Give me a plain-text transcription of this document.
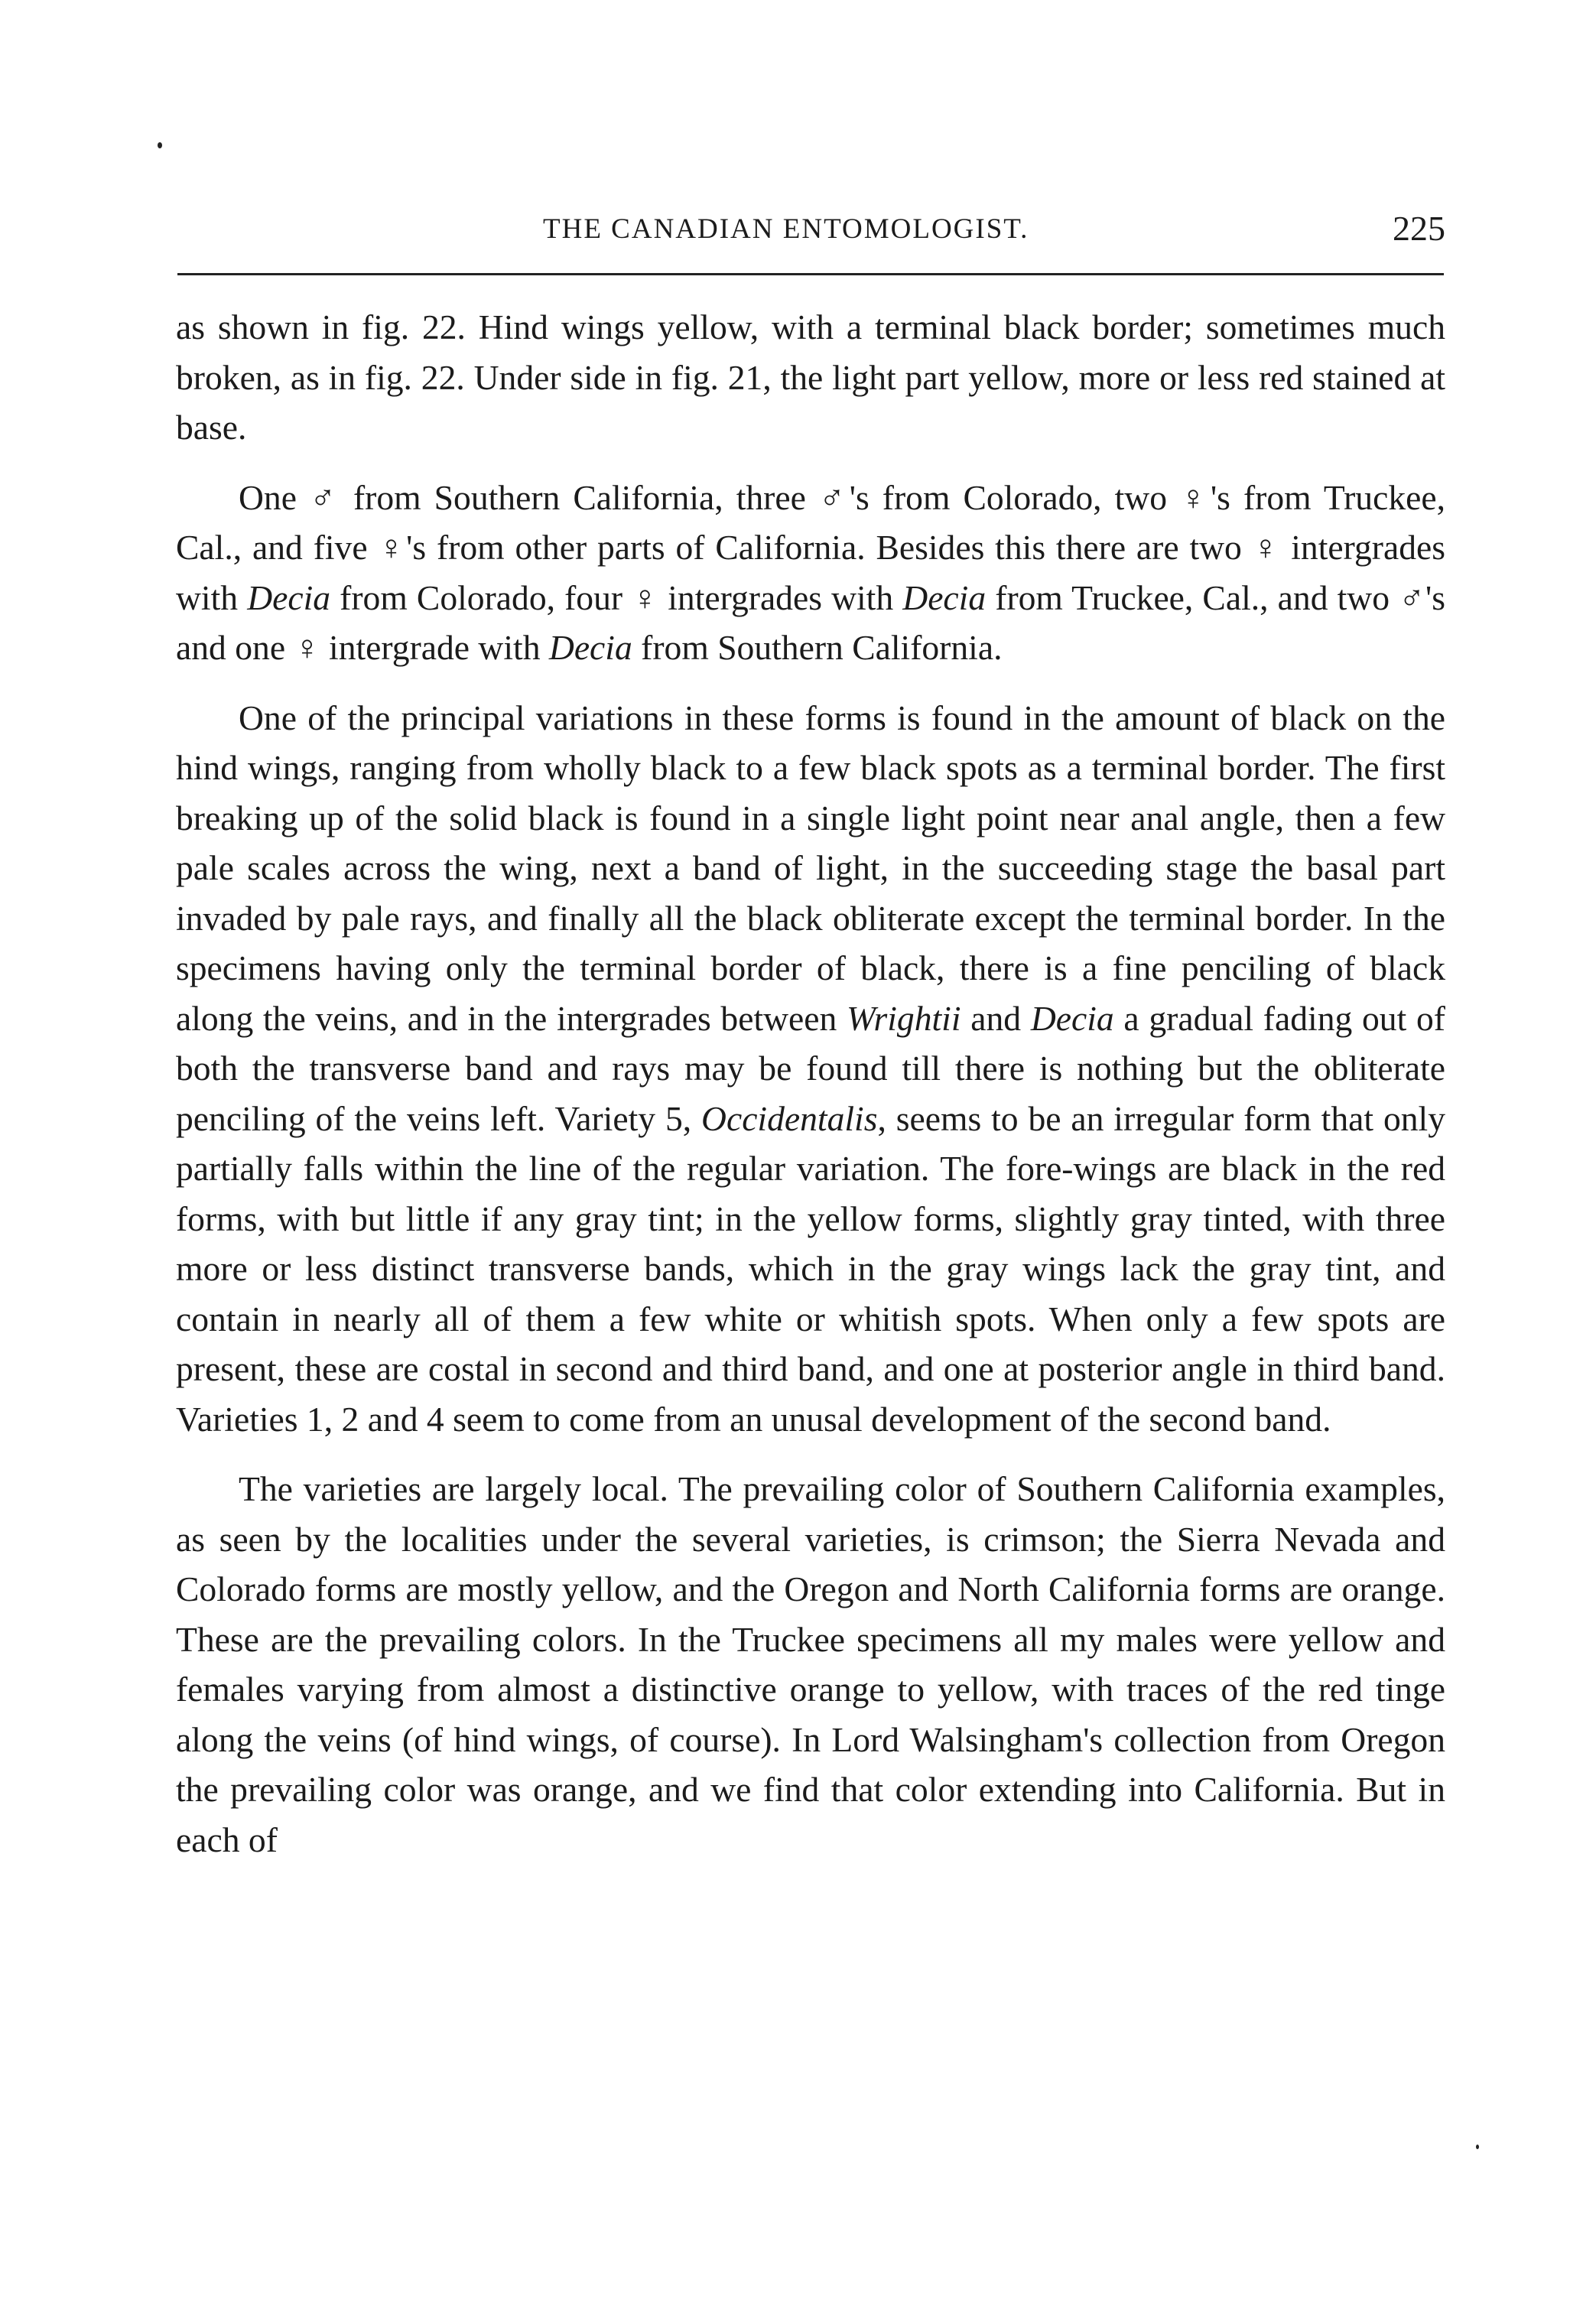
THE CANADIAN ENTOMOLOGIST.	225

as shown in fig. 22. Hind wings yellow, with a terminal black border; sometimes much broken, as in fig. 22. Under side in fig. 21, the light part yellow, more or less red stained at base.

One ♂ from Southern California, three ♂'s from Colorado, two ♀'s from Truckee, Cal., and five ♀'s from other parts of California. Besides this there are two ♀ intergrades with Decia from Colorado, four ♀ intergrades with Decia from Truckee, Cal., and two ♂'s and one ♀ intergrade with Decia from Southern California.

One of the principal variations in these forms is found in the amount of black on the hind wings, ranging from wholly black to a few black spots as a terminal border. The first breaking up of the solid black is found in a single light point near anal angle, then a few pale scales across the wing, next a band of light, in the succeeding stage the basal part invaded by pale rays, and finally all the black obliterate except the terminal border. In the specimens having only the terminal border of black, there is a fine penciling of black along the veins, and in the intergrades between Wrightii and Decia a gradual fading out of both the transverse band and rays may be found till there is nothing but the obliterate penciling of the veins left. Variety 5, Occidentalis, seems to be an irregular form that only partially falls within the line of the regular variation. The fore-wings are black in the red forms, with but little if any gray tint; in the yellow forms, slightly gray tinted, with three more or less distinct transverse bands, which in the gray wings lack the gray tint, and contain in nearly all of them a few white or whitish spots. When only a few spots are present, these are costal in second and third band, and one at posterior angle in third band. Varieties 1, 2 and 4 seem to come from an unusal development of the second band.

The varieties are largely local. The prevailing color of Southern California examples, as seen by the localities under the several varieties, is crimson; the Sierra Nevada and Colorado forms are mostly yellow, and the Oregon and North California forms are orange. These are the prevailing colors. In the Truckee specimens all my males were yellow and females varying from almost a distinctive orange to yellow, with traces of the red tinge along the veins (of hind wings, of course). In Lord Walsingham's collection from Oregon the prevailing color was orange, and we find that color extending into California. But in each of
